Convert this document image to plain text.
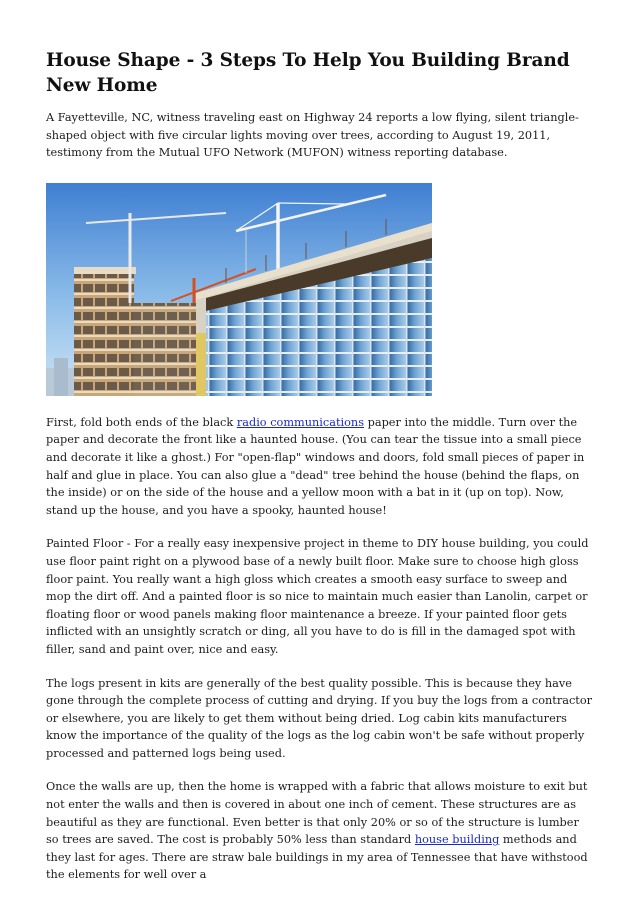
House Shape - 3 Steps To Help You Building Brand New Home

A Fayetteville, NC, witness traveling east on Highway 24 reports a low flying, silent triangle-shaped object with five circular lights moving over trees, according to August 19, 2011, testimony from the Mutual UFO Network (MUFON) witness reporting database.

First, fold both ends of the black radio communications paper into the middle. Turn over the paper and decorate the front like a haunted house. (You can tear the tissue into a small piece and decorate it like a ghost.) For "open-flap" windows and doors, fold small pieces of paper in half and glue in place. You can also glue a "dead" tree behind the house (behind the flaps, on the inside) or on the side of the house and a yellow moon with a bat in it (up on top). Now, stand up the house, and you have a spooky, haunted house!

Painted Floor - For a really easy inexpensive project in theme to DIY house building, you could use floor paint right on a plywood base of a newly built floor. Make sure to choose high gloss floor paint. You really want a high gloss which creates a smooth easy surface to sweep and mop the dirt off. And a painted floor is so nice to maintain much easier than Lanolin, carpet or floating floor or wood panels making floor maintenance a breeze. If your painted floor gets inflicted with an unsightly scratch or ding, all you have to do is fill in the damaged spot with filler, sand and paint over, nice and easy.

The logs present in kits are generally of the best quality possible. This is because they have gone through the complete process of cutting and drying. If you buy the logs from a contractor or elsewhere, you are likely to get them without being dried. Log cabin kits manufacturers know the importance of the quality of the logs as the log cabin won't be safe without properly processed and patterned logs being used.

Once the walls are up, then the home is wrapped with a fabric that allows moisture to exit but not enter the walls and then is covered in about one inch of cement. These structures are as beautiful as they are functional. Even better is that only 20% or so of the structure is lumber so trees are saved. The cost is probably 50% less than standard house building methods and they last for ages. There are straw bale buildings in my area of Tennessee that have withstood the elements for well over a
